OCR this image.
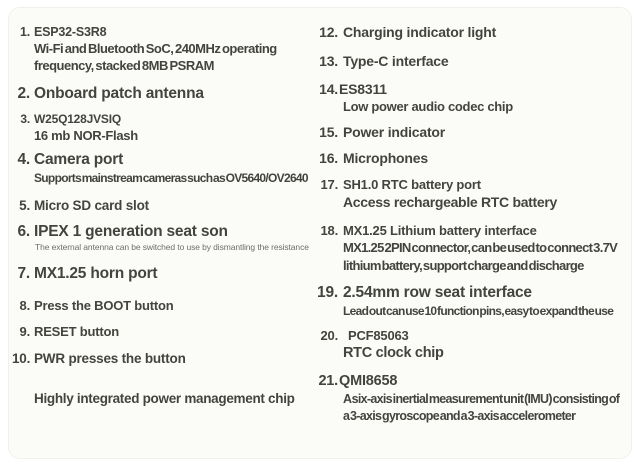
1. ESP32-S3R8
Wi-Fi and Bluetooth SoC, 240MHz operating
frequency, stacked 8MB PSRAM
2. Onboard patch antenna
3. W25Q128JVSIQ
16 mb NOR-Flash
4. Camera port
Supports mainstream cameras such as OV5640/OV2640
5. Micro SD card slot
6. IPEX 1 generation seat son
The external antenna can be switched to use by dismantling the resistance
7. MX1.25 horn port
8. Press the BOOT button
9. RESET button
10. PWR presses the button
Highly integrated power management chip
12. Charging indicator light
13. Type-C interface
14. ES8311
Low power audio codec chip
15. Power indicator
16. Microphones
17. SH1.0 RTC battery port
Access rechargeable RTC battery
18. MX1.25 Lithium battery interface
MX1.25 2PIN connector, can be used to connect 3.7V
lithium battery, support charge and discharge
19. 2.54mm row seat interface
Lead out can use 10 function pins, easy to expand the use
20. PCF85063
RTC clock chip
21. QMI8658
A six-axis inertial measurement unit (IMU) consisting of
a 3-axis gyroscope and a 3-axis accelerometer
